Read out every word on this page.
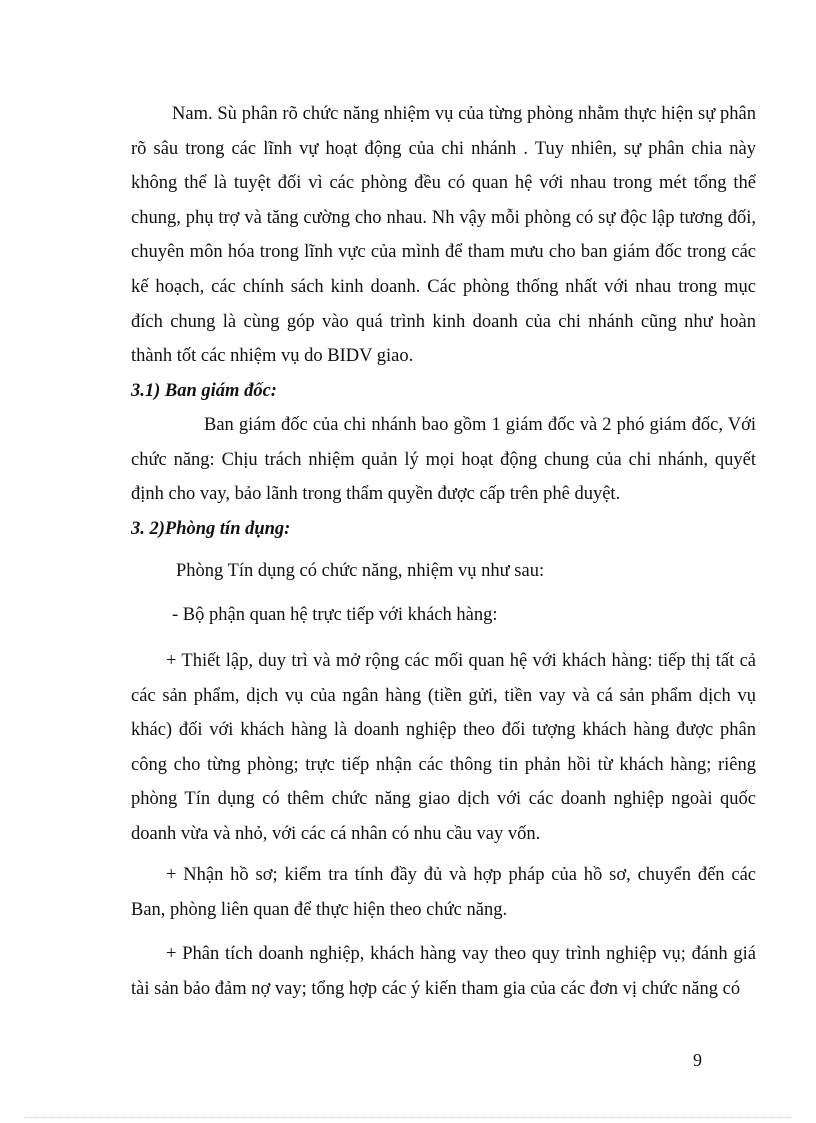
Nam. Sù phân rõ chức năng nhiệm vụ của từng phòng nhằm thực hiện sự phân rõ sâu trong các lĩnh vự hoạt động của chi nhánh . Tuy nhiên, sự phân chia này không thể là tuyệt đối vì các phòng đều có quan hệ với nhau trong mét tổng thể chung, phụ trợ và tăng cường cho nhau. Nh vậy mỗi phòng có sự độc lập tương đối, chuyên môn hóa trong lĩnh vực của mình để tham mưu cho ban giám đốc trong các kế hoạch, các chính sách kinh doanh. Các phòng thống nhất với nhau trong mục đích chung là cùng góp vào quá trình kinh doanh của chi nhánh cũng như hoàn thành tốt các nhiệm vụ do BIDV giao.

3.1) Ban giám đốc:

Ban giám đốc của chi nhánh bao gồm 1 giám đốc và 2 phó giám đốc, Với chức năng: Chịu trách nhiệm quản lý mọi hoạt động chung của chi nhánh, quyết định cho vay, bảo lãnh trong thẩm quyền được cấp trên phê duyệt.

3. 2)Phòng tín dụng:

Phòng Tín dụng có chức năng, nhiệm vụ như sau:

- Bộ phận quan hệ trực tiếp với khách hàng:

+ Thiết lập, duy trì và mở rộng các mối quan hệ với khách hàng: tiếp thị tất cả các sản phẩm, dịch vụ của ngân hàng (tiền gửi, tiền vay và cá sản phẩm dịch vụ khác) đối với khách hàng là doanh nghiệp theo đối tượng khách hàng được phân công cho từng phòng; trực tiếp nhận các thông tin phản hồi từ khách hàng; riêng phòng Tín dụng có thêm chức năng giao dịch với các doanh nghiệp ngoài quốc doanh vừa và nhỏ, với các cá nhân có nhu cầu vay vốn.

+ Nhận hồ sơ; kiểm tra tính đầy đủ và hợp pháp của hồ sơ, chuyển đến các Ban, phòng liên quan để thực hiện theo chức năng.

+ Phân tích doanh nghiệp, khách hàng vay theo quy trình nghiệp vụ; đánh giá tài sản bảo đảm nợ vay; tổng hợp các ý kiến tham gia của các đơn vị chức năng có

9
